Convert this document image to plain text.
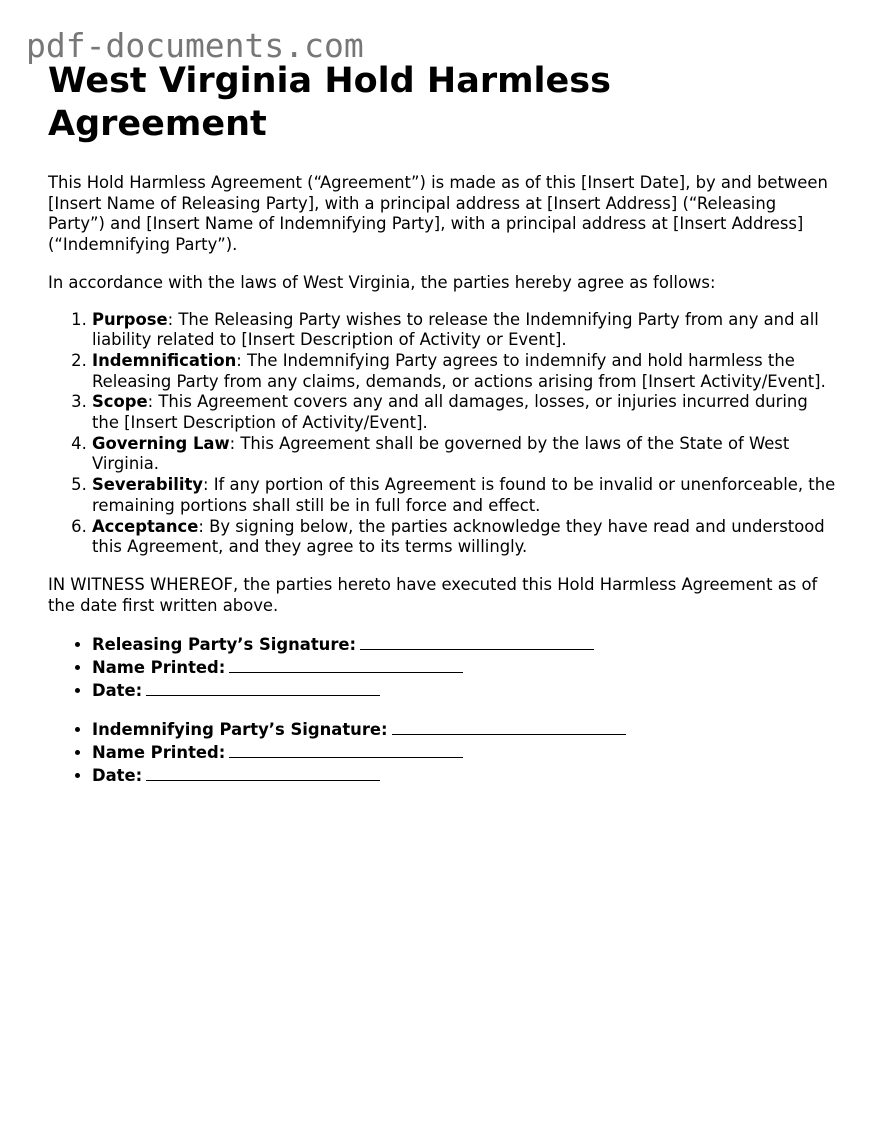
pdf-documents.com
West Virginia Hold Harmless Agreement

This Hold Harmless Agreement (“Agreement”) is made as of this [Insert Date], by and between [Insert Name of Releasing Party], with a principal address at [Insert Address] (“Releasing Party”) and [Insert Name of Indemnifying Party], with a principal address at [Insert Address] (“Indemnifying Party”).

In accordance with the laws of West Virginia, the parties hereby agree as follows:

1. Purpose: The Releasing Party wishes to release the Indemnifying Party from any and all liability related to [Insert Description of Activity or Event].
2. Indemnification: The Indemnifying Party agrees to indemnify and hold harmless the Releasing Party from any claims, demands, or actions arising from [Insert Activity/Event].
3. Scope: This Agreement covers any and all damages, losses, or injuries incurred during the [Insert Description of Activity/Event].
4. Governing Law: This Agreement shall be governed by the laws of the State of West Virginia.
5. Severability: If any portion of this Agreement is found to be invalid or unenforceable, the remaining portions shall still be in full force and effect.
6. Acceptance: By signing below, the parties acknowledge they have read and understood this Agreement, and they agree to its terms willingly.

IN WITNESS WHEREOF, the parties hereto have executed this Hold Harmless Agreement as of the date first written above.

• Releasing Party’s Signature:
• Name Printed:
• Date:
• Indemnifying Party’s Signature:
• Name Printed:
• Date:
